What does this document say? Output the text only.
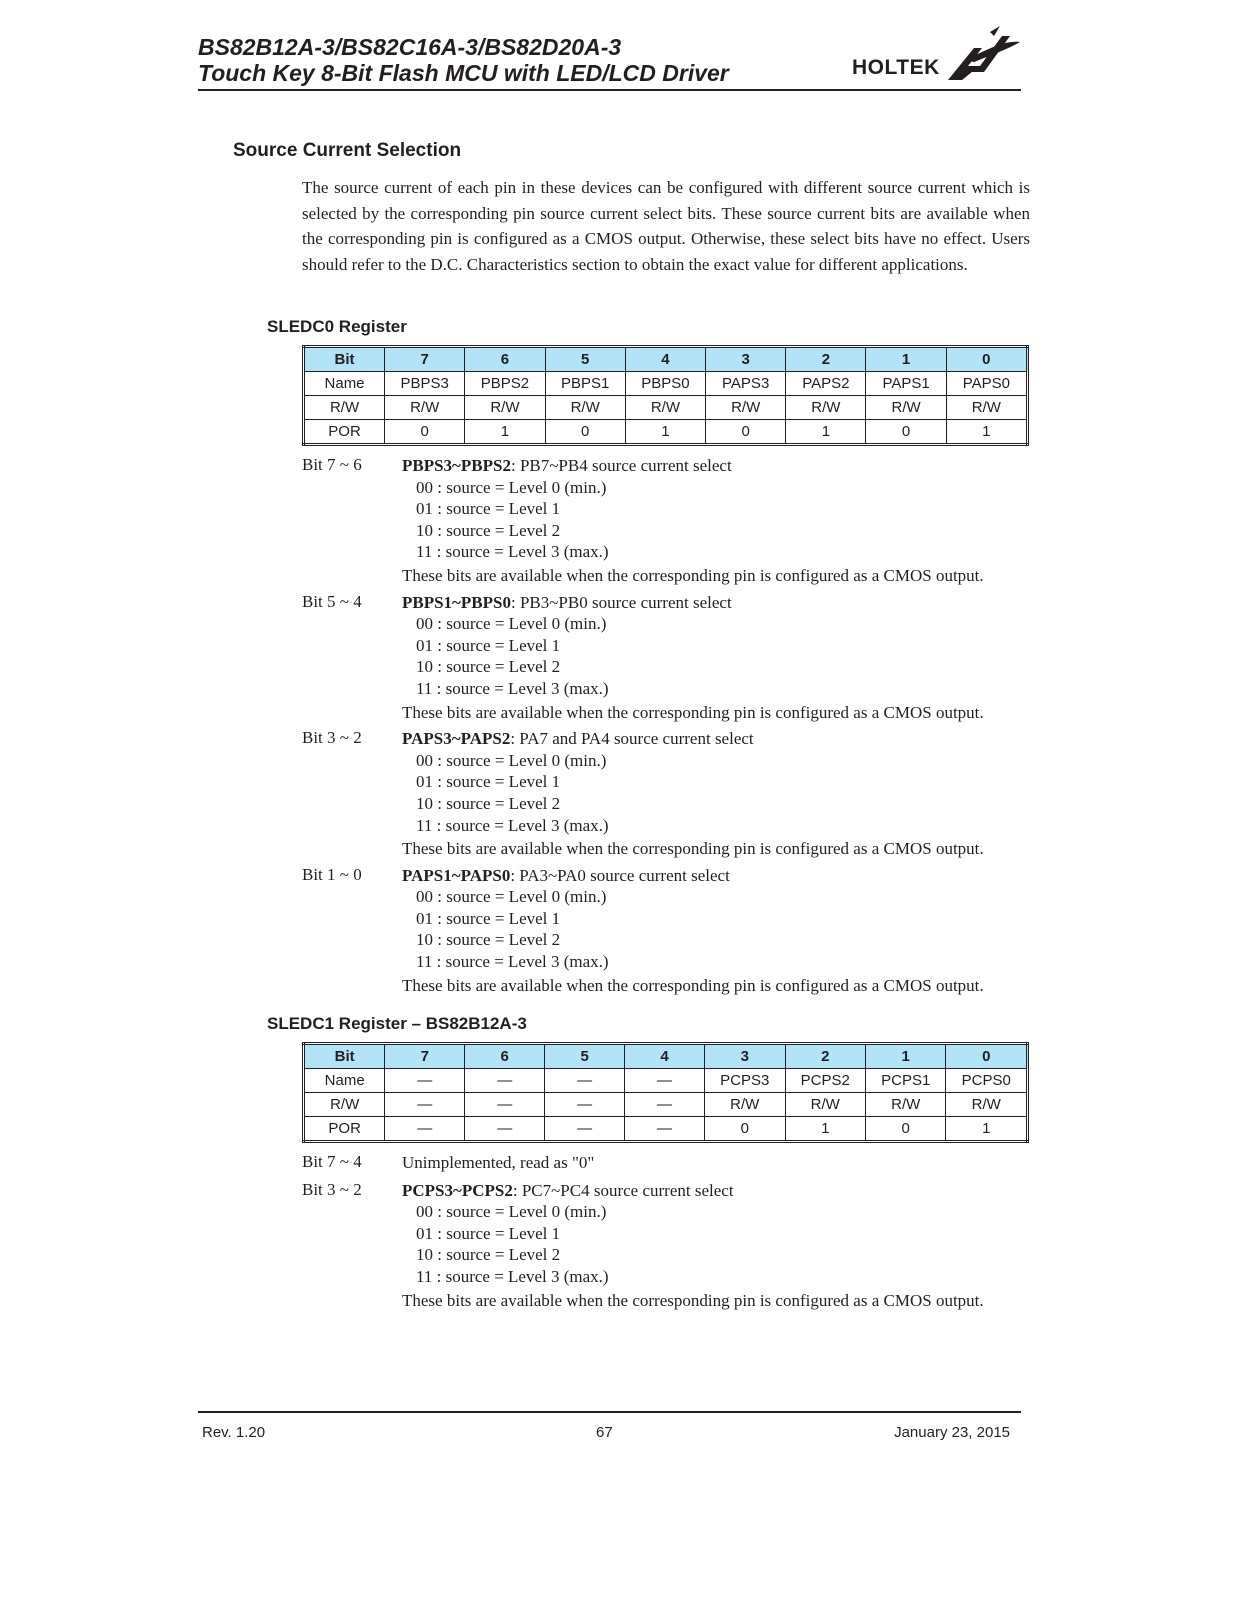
BS82B12A-3/BS82C16A-3/BS82D20A-3
Touch Key 8-Bit Flash MCU with LED/LCD Driver	HOLTEK
Source Current Selection
The source current of each pin in these devices can be configured with different source current which is selected by the corresponding pin source current select bits. These source current bits are available when the corresponding pin is configured as a CMOS output. Otherwise, these select bits have no effect. Users should refer to the D.C. Characteristics section to obtain the exact value for different applications.
SLEDC0 Register
Bit	7	6	5	4	3	2	1	0
Name	PBPS3	PBPS2	PBPS1	PBPS0	PAPS3	PAPS2	PAPS1	PAPS0
R/W	R/W	R/W	R/W	R/W	R/W	R/W	R/W	R/W
POR	0	1	0	1	0	1	0	1
Bit 7 ~ 6 PBPS3~PBPS2: PB7~PB4 source current select
00 : source = Level 0 (min.)
01 : source = Level 1
10 : source = Level 2
11 : source = Level 3 (max.)
These bits are available when the corresponding pin is configured as a CMOS output.
Bit 5 ~ 4 PBPS1~PBPS0: PB3~PB0 source current select
00 : source = Level 0 (min.)
01 : source = Level 1
10 : source = Level 2
11 : source = Level 3 (max.)
These bits are available when the corresponding pin is configured as a CMOS output.
Bit 3 ~ 2 PAPS3~PAPS2: PA7 and PA4 source current select
00 : source = Level 0 (min.)
01 : source = Level 1
10 : source = Level 2
11 : source = Level 3 (max.)
These bits are available when the corresponding pin is configured as a CMOS output.
Bit 1 ~ 0 PAPS1~PAPS0: PA3~PA0 source current select
00 : source = Level 0 (min.)
01 : source = Level 1
10 : source = Level 2
11 : source = Level 3 (max.)
These bits are available when the corresponding pin is configured as a CMOS output.
SLEDC1 Register – BS82B12A-3
Bit	7	6	5	4	3	2	1	0
Name	—	—	—	—	PCPS3	PCPS2	PCPS1	PCPS0
R/W	—	—	—	—	R/W	R/W	R/W	R/W
POR	—	—	—	—	0	1	0	1
Bit 7 ~ 4 Unimplemented, read as "0"
Bit 3 ~ 2 PCPS3~PCPS2: PC7~PC4 source current select
00 : source = Level 0 (min.)
01 : source = Level 1
10 : source = Level 2
11 : source = Level 3 (max.)
These bits are available when the corresponding pin is configured as a CMOS output.
Rev. 1.20	67	January 23, 2015
